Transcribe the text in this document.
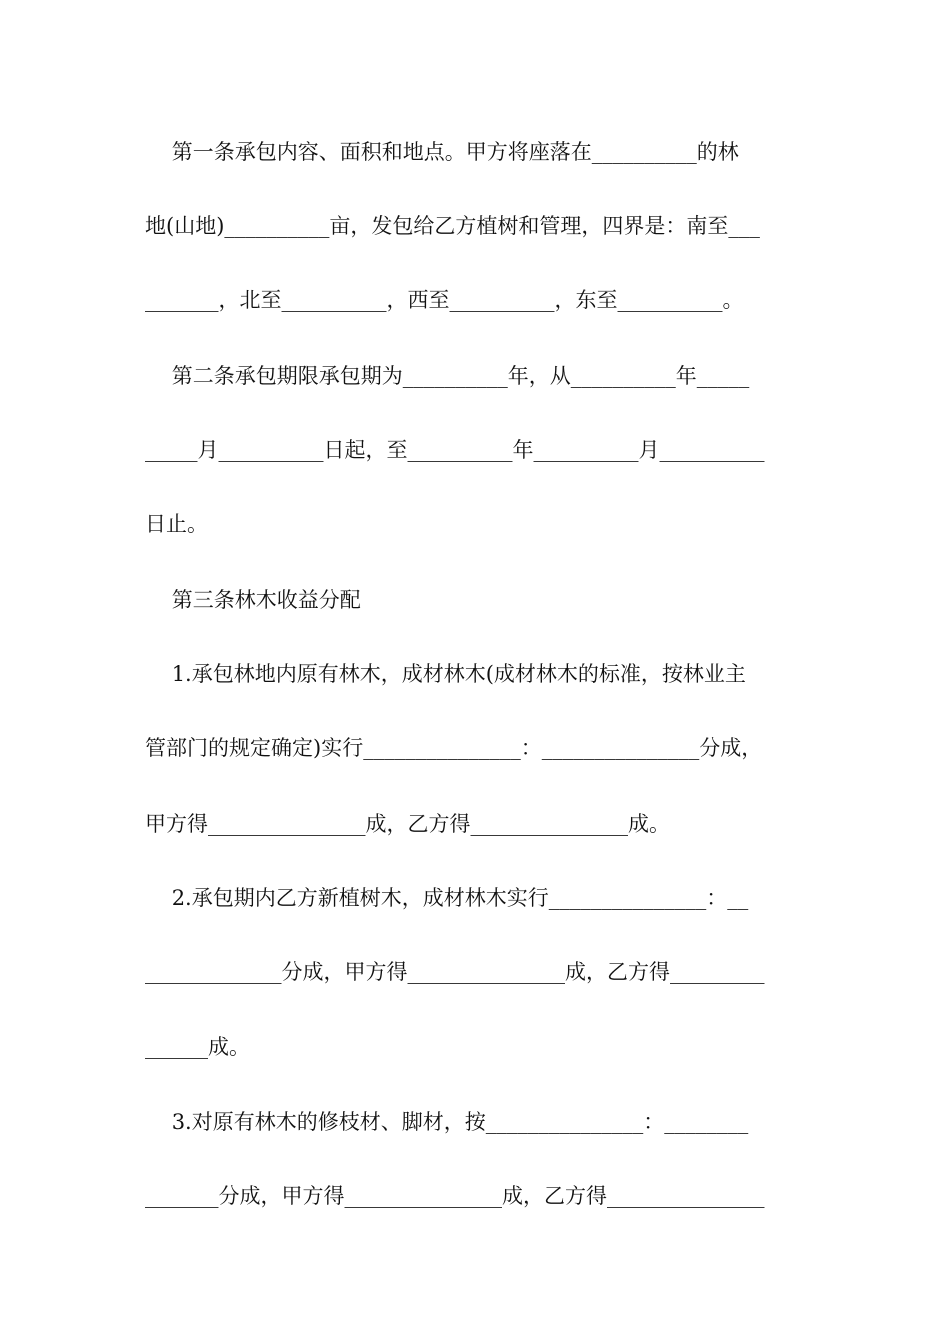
第一条承包内容、面积和地点。甲方将座落在__________的林
地(山地)__________亩，发包给乙方植树和管理，四界是：南至___
_______，北至__________，西至__________，东至__________。
第二条承包期限承包期为__________年，从__________年_____
_____月__________日起，至__________年__________月__________
日止。
第三条林木收益分配
1.承包林地内原有林木，成材林木(成材林木的标准，按林业主
管部门的规定确定)实行_______________：_______________分成，
甲方得_______________成，乙方得_______________成。
2.承包期内乙方新植树木，成材林木实行_______________：__
_____________分成，甲方得_______________成，乙方得_________
______成。
3.对原有林木的修枝材、脚材，按_______________：________
_______分成，甲方得_______________成，乙方得_______________
